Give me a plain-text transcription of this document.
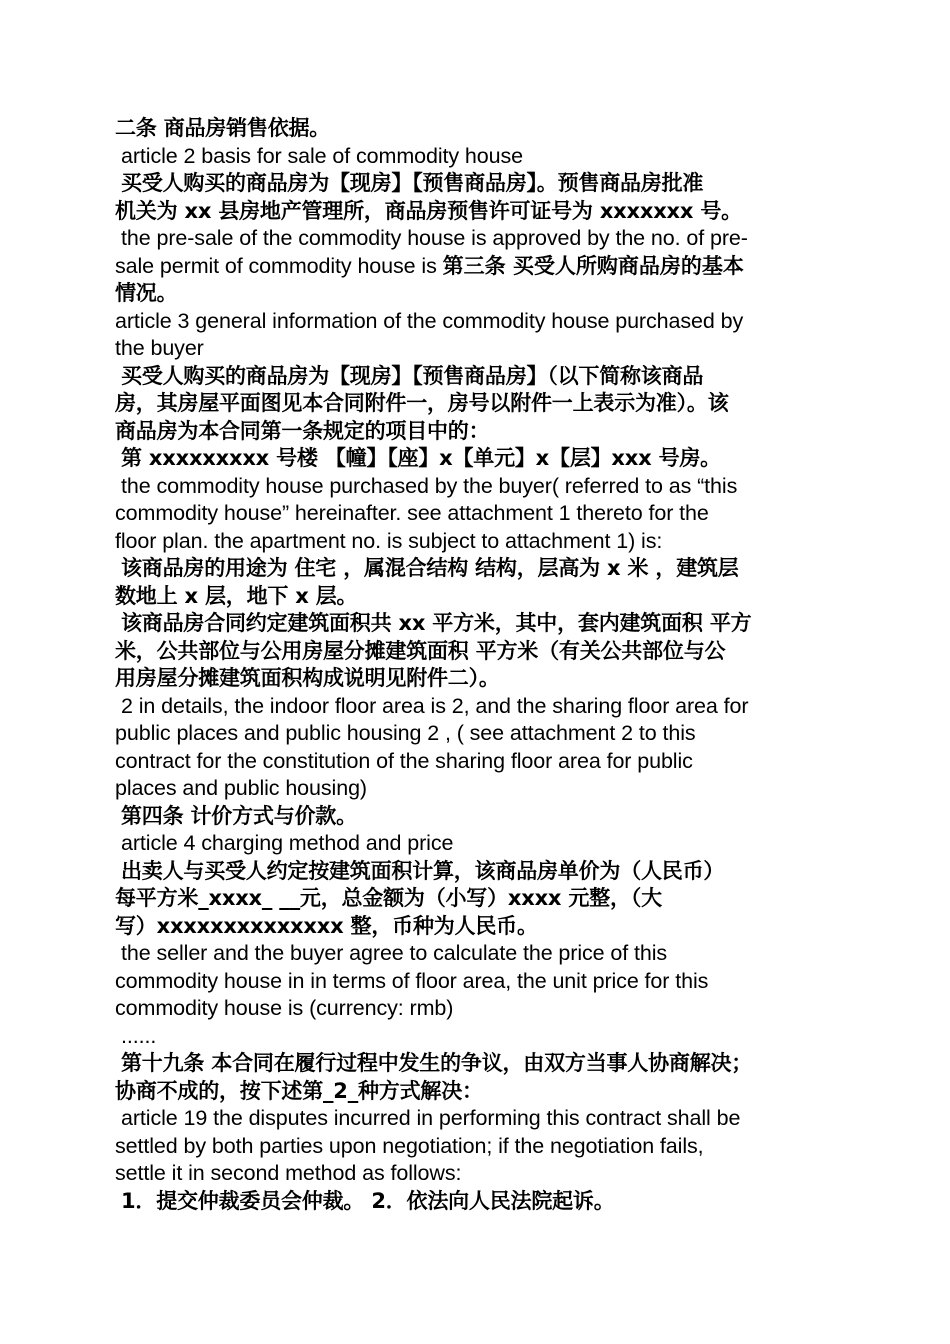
二条 商品房销售依据。
article 2 basis for sale of commodity house
买受人购买的商品房为【现房】【预售商品房】。预售商品房批准
机关为 xx 县房地产管理所，商品房预售许可证号为 xxxxxxx 号。
the pre-sale of the commodity house is approved by the no. of pre-
sale permit of commodity house is 第三条 买受人所购商品房的基本
情况。
article 3 general information of the commodity house purchased by
the buyer
买受人购买的商品房为【现房】【预售商品房】（以下简称该商品
房，其房屋平面图见本合同附件一，房号以附件一上表示为准）。该
商品房为本合同第一条规定的项目中的：
第 xxxxxxxxx 号楼 【幢】【座】x【单元】x【层】xxx 号房。
the commodity house purchased by the buyer( referred to as “this
commodity house” hereinafter. see attachment 1 thereto for the
floor plan. the apartment no. is subject to attachment 1) is:
该商品房的用途为 住宅 ，属混合结构 结构，层高为 x 米 ，建筑层
数地上 x 层，地下 x 层。
该商品房合同约定建筑面积共 xx 平方米，其中，套内建筑面积 平方
米，公共部位与公用房屋分摊建筑面积 平方米（有关公共部位与公
用房屋分摊建筑面积构成说明见附件二）。
2 in details, the indoor floor area is 2, and the sharing floor area for
public places and public housing 2 , ( see attachment 2 to this
contract for the constitution of the sharing floor area for public
places and public housing)
第四条 计价方式与价款。
article 4 charging method and price
出卖人与买受人约定按建筑面积计算，该商品房单价为（人民币）
每平方米_xxxx_ __元，总金额为（小写）xxxx 元整，（大
写）xxxxxxxxxxxxxx 整，币种为人民币。
the seller and the buyer agree to calculate the price of this
commodity house in in terms of floor area, the unit price for this
commodity house is (currency: rmb)
......
第十九条 本合同在履行过程中发生的争议，由双方当事人协商解决；
协商不成的，按下述第_2_种方式解决：
article 19 the disputes incurred in performing this contract shall be
settled by both parties upon negotiation; if the negotiation fails,
settle it in second method as follows:
1．提交仲裁委员会仲裁。 2．依法向人民法院起诉。
